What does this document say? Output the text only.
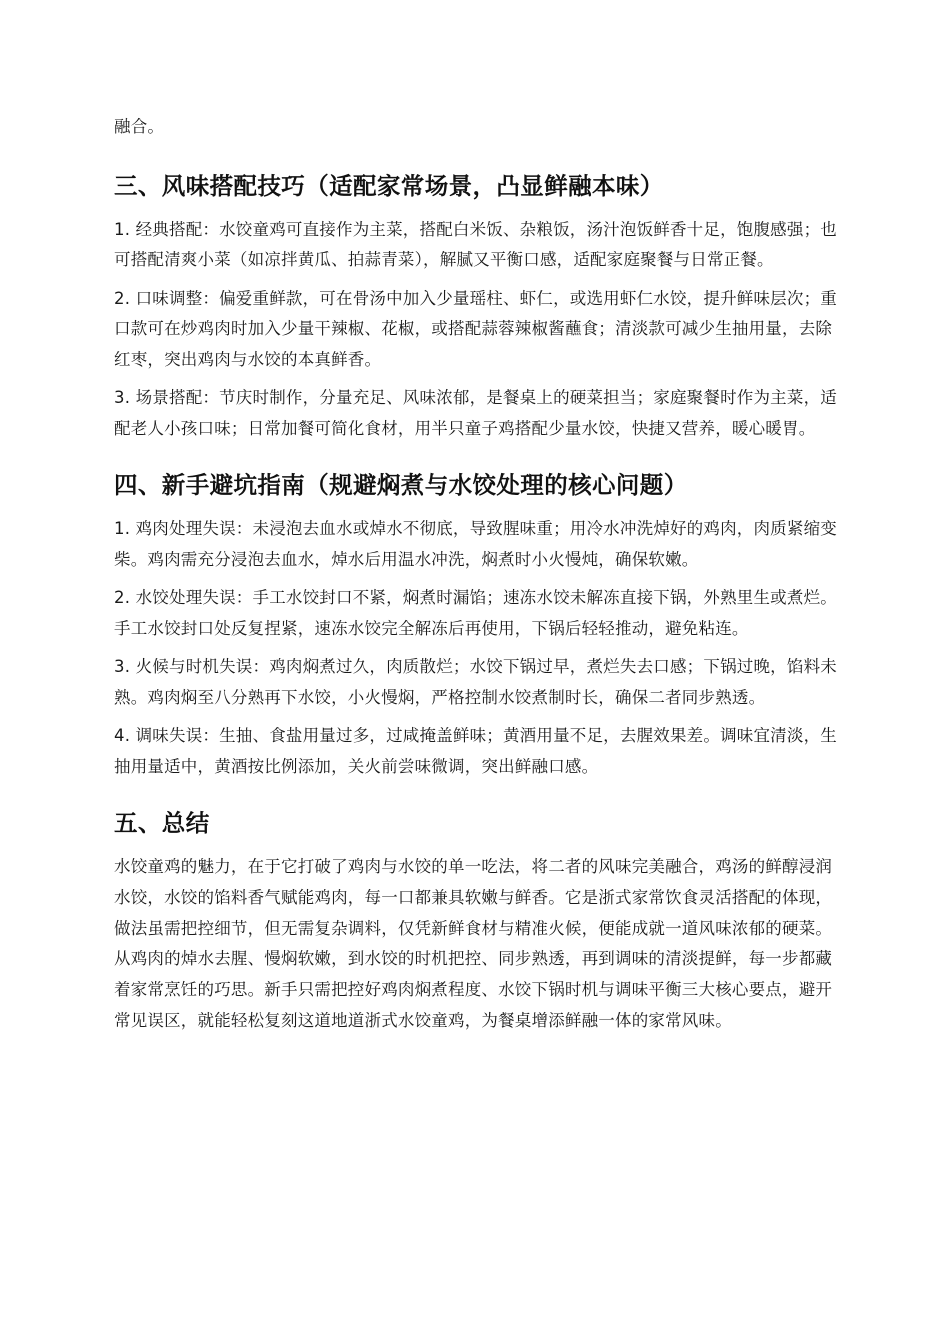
融合。

三、风味搭配技巧（适配家常场景，凸显鲜融本味）

1. 经典搭配：水饺童鸡可直接作为主菜，搭配白米饭、杂粮饭，汤汁泡饭鲜香十足，饱腹感强；也可搭配清爽小菜（如凉拌黄瓜、拍蒜青菜），解腻又平衡口感，适配家庭聚餐与日常正餐。

2. 口味调整：偏爱重鲜款，可在骨汤中加入少量瑶柱、虾仁，或选用虾仁水饺，提升鲜味层次；重口款可在炒鸡肉时加入少量干辣椒、花椒，或搭配蒜蓉辣椒酱蘸食；清淡款可减少生抽用量，去除红枣，突出鸡肉与水饺的本真鲜香。

3. 场景搭配：节庆时制作，分量充足、风味浓郁，是餐桌上的硬菜担当；家庭聚餐时作为主菜，适配老人小孩口味；日常加餐可简化食材，用半只童子鸡搭配少量水饺，快捷又营养，暖心暖胃。

四、新手避坑指南（规避焖煮与水饺处理的核心问题）

1. 鸡肉处理失误：未浸泡去血水或焯水不彻底，导致腥味重；用冷水冲洗焯好的鸡肉，肉质紧缩变柴。鸡肉需充分浸泡去血水，焯水后用温水冲洗，焖煮时小火慢炖，确保软嫩。

2. 水饺处理失误：手工水饺封口不紧，焖煮时漏馅；速冻水饺未解冻直接下锅，外熟里生或煮烂。手工水饺封口处反复捏紧，速冻水饺完全解冻后再使用，下锅后轻轻推动，避免粘连。

3. 火候与时机失误：鸡肉焖煮过久，肉质散烂；水饺下锅过早，煮烂失去口感；下锅过晚，馅料未熟。鸡肉焖至八分熟再下水饺，小火慢焖，严格控制水饺煮制时长，确保二者同步熟透。

4. 调味失误：生抽、食盐用量过多，过咸掩盖鲜味；黄酒用量不足，去腥效果差。调味宜清淡，生抽用量适中，黄酒按比例添加，关火前尝味微调，突出鲜融口感。

五、总结

水饺童鸡的魅力，在于它打破了鸡肉与水饺的单一吃法，将二者的风味完美融合，鸡汤的鲜醇浸润水饺，水饺的馅料香气赋能鸡肉，每一口都兼具软嫩与鲜香。它是浙式家常饮食灵活搭配的体现，做法虽需把控细节，但无需复杂调料，仅凭新鲜食材与精准火候，便能成就一道风味浓郁的硬菜。从鸡肉的焯水去腥、慢焖软嫩，到水饺的时机把控、同步熟透，再到调味的清淡提鲜，每一步都藏着家常烹饪的巧思。新手只需把控好鸡肉焖煮程度、水饺下锅时机与调味平衡三大核心要点，避开常见误区，就能轻松复刻这道地道浙式水饺童鸡，为餐桌增添鲜融一体的家常风味。
